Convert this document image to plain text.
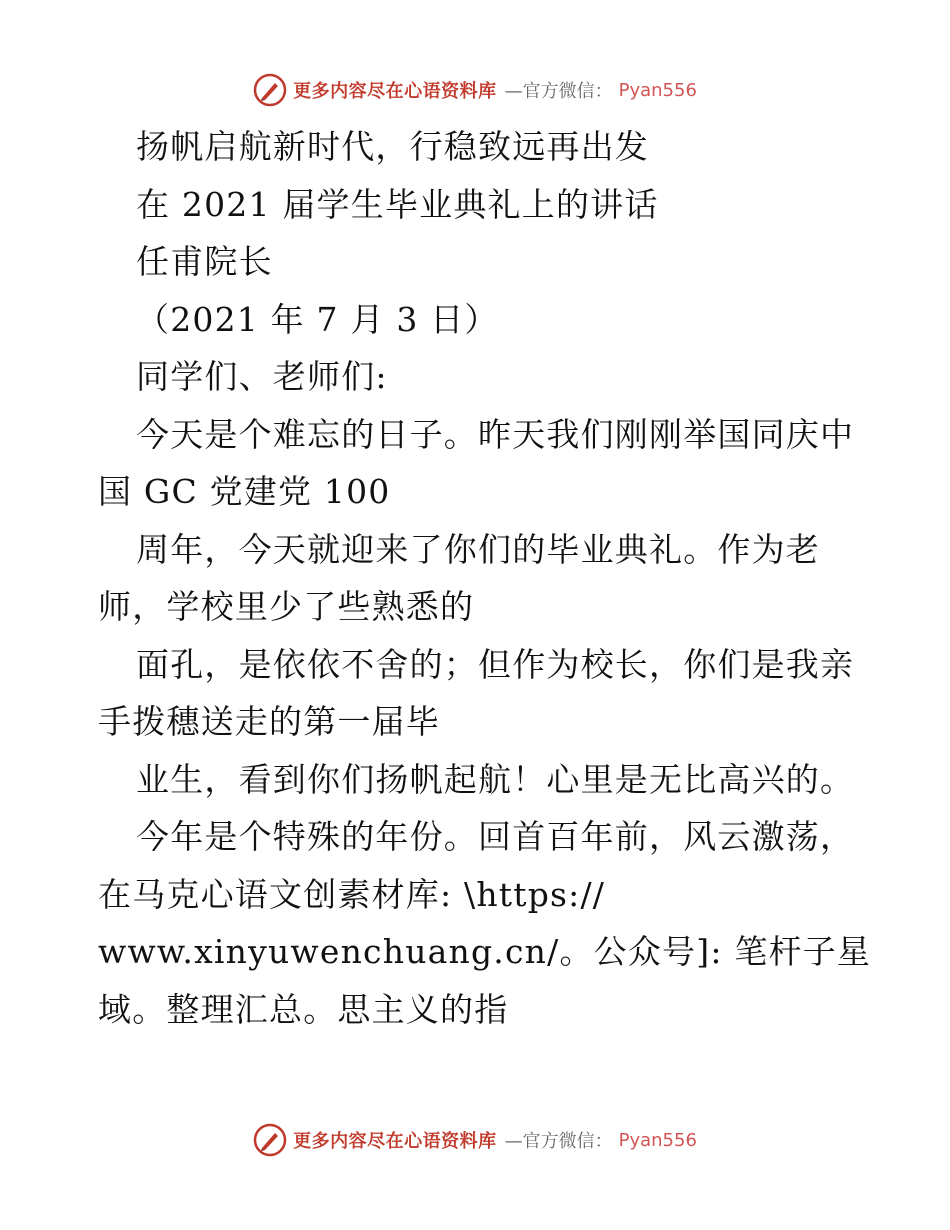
更多内容尽在心语资料库 —官方微信： Pyan556

扬帆启航新时代，行稳致远再出发

在 2021 届学生毕业典礼上的讲话

任甫院长

（2021 年 7 月 3 日）

同学们、老师们:

今天是个难忘的日子。昨天我们刚刚举国同庆中

国 GC 党建党 100

周年，今天就迎来了你们的毕业典礼。作为老

师，学校里少了些熟悉的

面孔，是依依不舍的；但作为校长，你们是我亲

手拨穗送走的第一届毕

业生，看到你们扬帆起航！心里是无比高兴的。

今年是个特殊的年份。回首百年前，风云激荡，

在马克心语文创素材库: \https://

www.xinyuwenchuang.cn/。公众号]: 笔杆子星

域。整理汇总。思主义的指

更多内容尽在心语资料库 —官方微信： Pyan556
